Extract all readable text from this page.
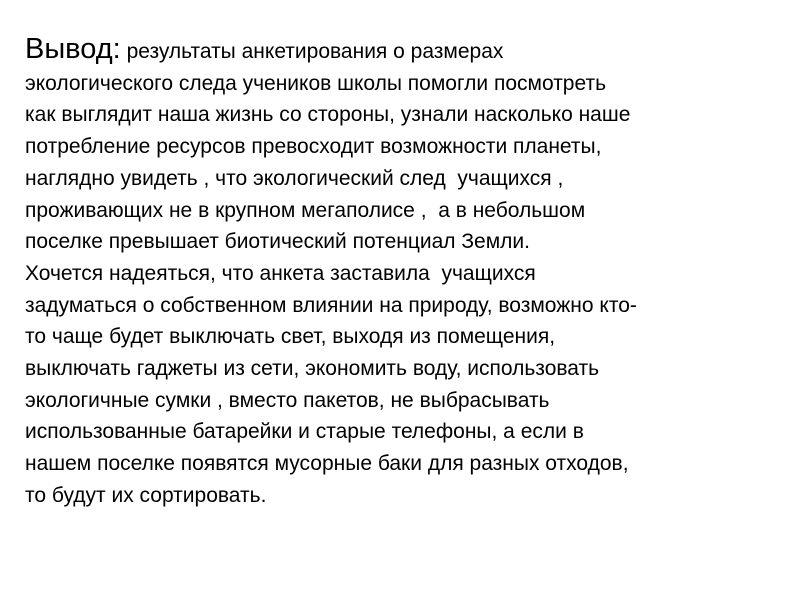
Вывод: результаты анкетирования о размерах
экологического следа учеников школы помогли посмотреть
как выглядит наша жизнь со стороны, узнали насколько наше
потребление ресурсов превосходит возможности планеты,
наглядно увидеть , что экологический след  учащихся ,
проживающих не в крупном мегаполисе ,  а в небольшом
поселке превышает биотический потенциал Земли.
Хочется надеяться, что анкета заставила  учащихся
задуматься о собственном влиянии на природу, возможно кто-
то чаще будет выключать свет, выходя из помещения,
выключать гаджеты из сети, экономить воду, использовать
экологичные сумки , вместо пакетов, не выбрасывать
использованные батарейки и старые телефоны, а если в
нашем поселке появятся мусорные баки для разных отходов,
то будут их сортировать.
